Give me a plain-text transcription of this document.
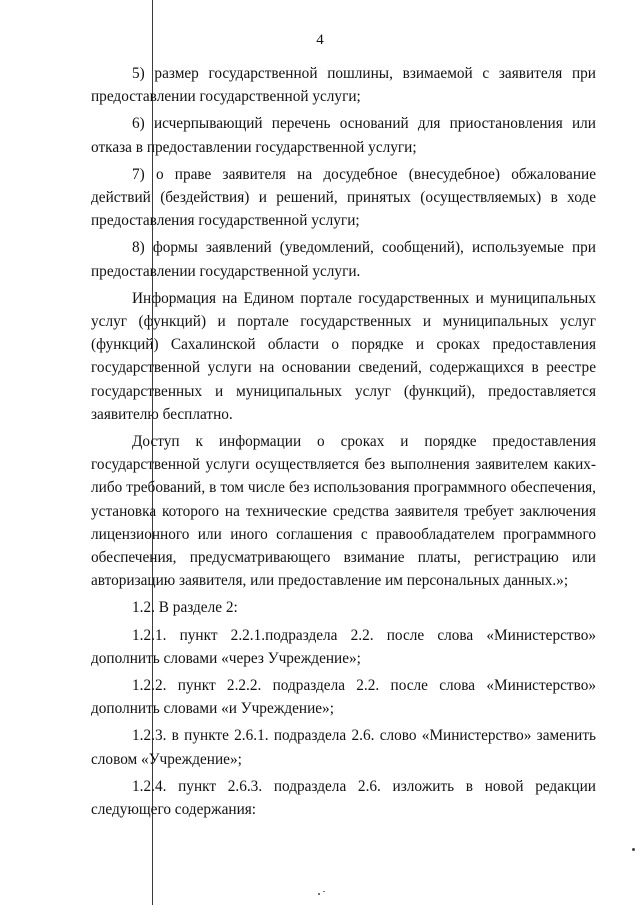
4

5) размер государственной пошлины, взимаемой с заявителя при предоставлении государственной услуги;

6) исчерпывающий перечень оснований для приостановления или отказа в предоставлении государственной услуги;

7) о праве заявителя на досудебное (внесудебное) обжалование действий (бездействия) и решений, принятых (осуществляемых) в ходе предоставления государственной услуги;

8) формы заявлений (уведомлений, сообщений), используемые при предоставлении государственной услуги.

Информация на Едином портале государственных и муниципальных услуг (функций) и портале государственных и муниципальных услуг (функций) Сахалинской области о порядке и сроках предоставления государственной услуги на основании сведений, содержащихся в реестре государственных и муниципальных услуг (функций), предоставляется заявителю бесплатно.

Доступ к информации о сроках и порядке предоставления государственной услуги осуществляется без выполнения заявителем каких-либо требований, в том числе без использования программного обеспечения, установка которого на технические средства заявителя требует заключения лицензионного или иного соглашения с правообладателем программного обеспечения, предусматривающего взимание платы, регистрацию или авторизацию заявителя, или предоставление им персональных данных.»;

1.2. В разделе 2:

1.2.1. пункт 2.2.1.подраздела 2.2. после слова «Министерство» дополнить словами «через Учреждение»;

1.2.2. пункт 2.2.2. подраздела 2.2. после слова «Министерство» дополнить словами «и Учреждение»;

1.2.3. в пункте 2.6.1. подраздела 2.6. слово «Министерство» заменить словом «Учреждение»;

1.2.4. пункт 2.6.3. подраздела 2.6. изложить в новой редакции следующего содержания:
